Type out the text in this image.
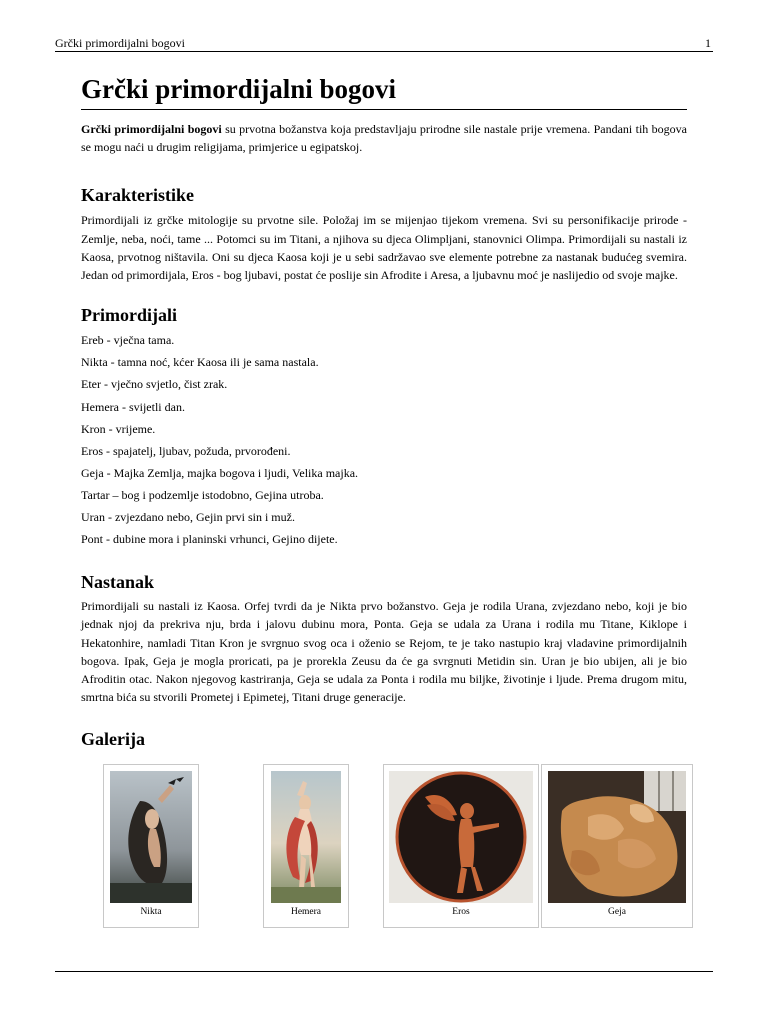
Grčki primordijalni bogovi	1
Grčki primordijalni bogovi

Grčki primordijalni bogovi su prvotna božanstva koja predstavljaju prirodne sile nastale prije vremena. Pandani tih bogova se mogu naći u drugim religijama, primjerice u egipatskoj.

Karakteristike

Primordijali iz grčke mitologije su prvotne sile. Položaj im se mijenjao tijekom vremena. Svi su personifikacije prirode - Zemlje, neba, noći, tame ... Potomci su im Titani, a njihova su djeca Olimpljani, stanovnici Olimpa. Primordijali su nastali iz Kaosa, prvotnog ništavila. Oni su djeca Kaosa koji je u sebi sadržavao sve elemente potrebne za nastanak budućeg svemira. Jedan od primordijala, Eros - bog ljubavi, postat će poslije sin Afrodite i Aresa, a ljubavnu moć je naslijedio od svoje majke.

Primordijali
Ereb - vječna tama.
Nikta - tamna noć, kćer Kaosa ili je sama nastala.
Eter - vječno svjetlo, čist zrak.
Hemera - svijetli dan.
Kron - vrijeme.
Eros - spajatelj, ljubav, požuda, prvorođeni.
Geja - Majka Zemlja, majka bogova i ljudi, Velika majka.
Tartar – bog i podzemlje istodobno, Gejina utroba.
Uran - zvjezdano nebo, Gejin prvi sin i muž.
Pont - dubine mora i planinski vrhunci, Gejino dijete.
Nastanak

Primordijali su nastali iz Kaosa. Orfej tvrdi da je Nikta prvo božanstvo. Geja je rodila Urana, zvjezdano nebo, koji je bio jednak njoj da prekriva nju, brda i jalovu dubinu mora, Ponta. Geja se udala za Urana i rodila mu Titane, Kiklope i Hekatonhire, namladi Titan Kron je svrgnuo svog oca i oženio se Rejom, te je tako nastupio kraj vladavine primordijalnih bogova. Ipak, Geja je mogla proricati, pa je prorekla Zeusu da će ga svrgnuti Metidin sin. Uran je bio ubijen, ali je bio Afroditin otac. Nakon njegovog kastriranja, Geja se udala za Ponta i rodila mu biljke, životinje i ljude. Prema drugom mitu, smrtna bića su stvorili Prometej i Epimetej, Titani druge generacije.

Galerija
Nikta	Hemera	Eros	Geja
